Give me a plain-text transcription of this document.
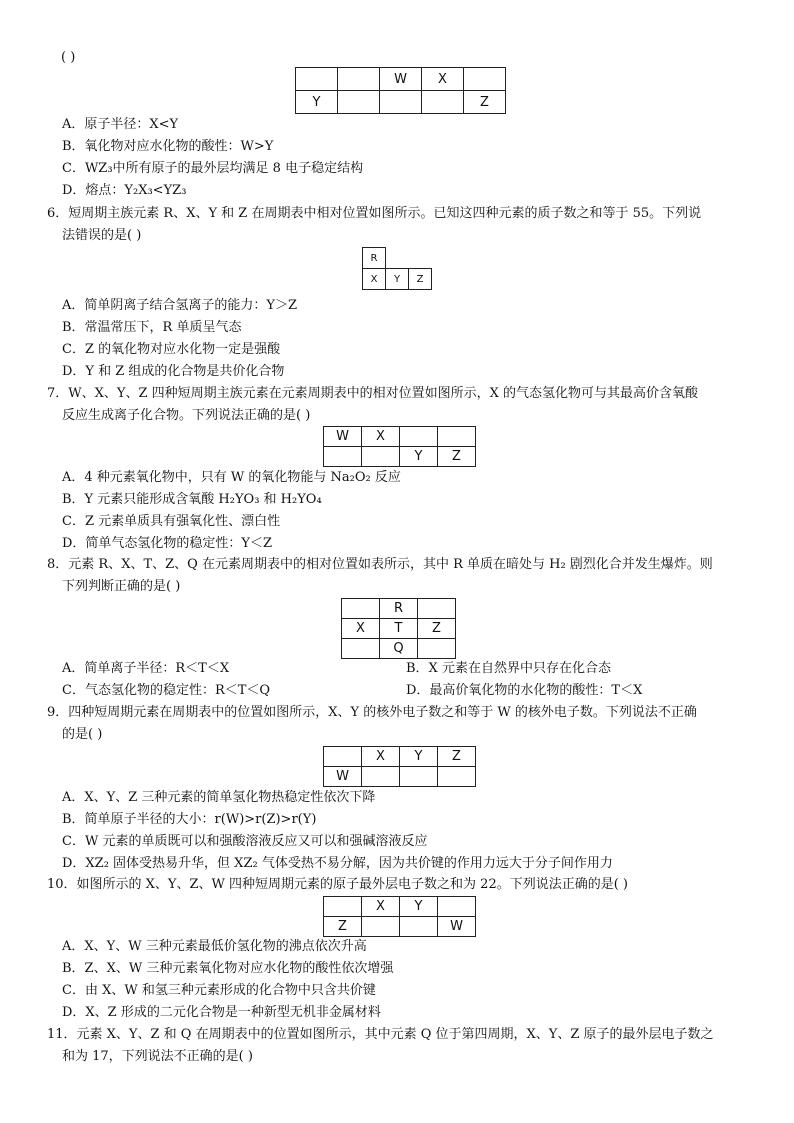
( )
		W	X	
Y				Z
A．原子半径：X<Y
B．氧化物对应水化物的酸性：W>Y
C．WZ₃中所有原子的最外层均满足 8 电子稳定结构
D．熔点：Y₂X₃<YZ₃
6．短周期主族元素 R、X、Y 和 Z 在周期表中相对位置如图所示。已知这四种元素的质子数之和等于 55。下列说
法错误的是( )
R		
X	Y	Z
A．简单阴离子结合氢离子的能力：Y＞Z
B．常温常压下，R 单质呈气态
C．Z 的氧化物对应水化物一定是强酸
D．Y 和 Z 组成的化合物是共价化合物
7．W、X、Y、Z 四种短周期主族元素在元素周期表中的相对位置如图所示，X 的气态氢化物可与其最高价含氧酸
反应生成离子化合物。下列说法正确的是( )
W	X		
		Y	Z
A．4 种元素氧化物中，只有 W 的氧化物能与 Na₂O₂ 反应
B．Y 元素只能形成含氧酸 H₂YO₃ 和 H₂YO₄
C．Z 元素单质具有强氧化性、漂白性
D．简单气态氢化物的稳定性：Y＜Z
8．元素 R、X、T、Z、Q 在元素周期表中的相对位置如表所示，其中 R 单质在暗处与 H₂ 剧烈化合并发生爆炸。则
下列判断正确的是( )
	R	
X	T	Z
	Q	
A．简单离子半径：R＜T＜X	B．X 元素在自然界中只存在化合态
C．气态氢化物的稳定性：R＜T＜Q	D．最高价氧化物的水化物的酸性：T＜X
9．四种短周期元素在周期表中的位置如图所示，X、Y 的核外电子数之和等于 W 的核外电子数。下列说法不正确
的是( )
	X	Y	Z
W			
A．X、Y、Z 三种元素的简单氢化物热稳定性依次下降
B．简单原子半径的大小：r(W)>r(Z)>r(Y)
C．W 元素的单质既可以和强酸溶液反应又可以和强碱溶液反应
D．XZ₂ 固体受热易升华，但 XZ₂ 气体受热不易分解，因为共价键的作用力远大于分子间作用力
10．如图所示的 X、Y、Z、W 四种短周期元素的原子最外层电子数之和为 22。下列说法正确的是( )
	X	Y	
Z			W
A．X、Y、W 三种元素最低价氢化物的沸点依次升高
B．Z、X、W 三种元素氧化物对应水化物的酸性依次增强
C．由 X、W 和氢三种元素形成的化合物中只含共价键
D．X、Z 形成的二元化合物是一种新型无机非金属材料
11．元素 X、Y、Z 和 Q 在周期表中的位置如图所示，其中元素 Q 位于第四周期，X、Y、Z 原子的最外层电子数之
和为 17，下列说法不正确的是( )
